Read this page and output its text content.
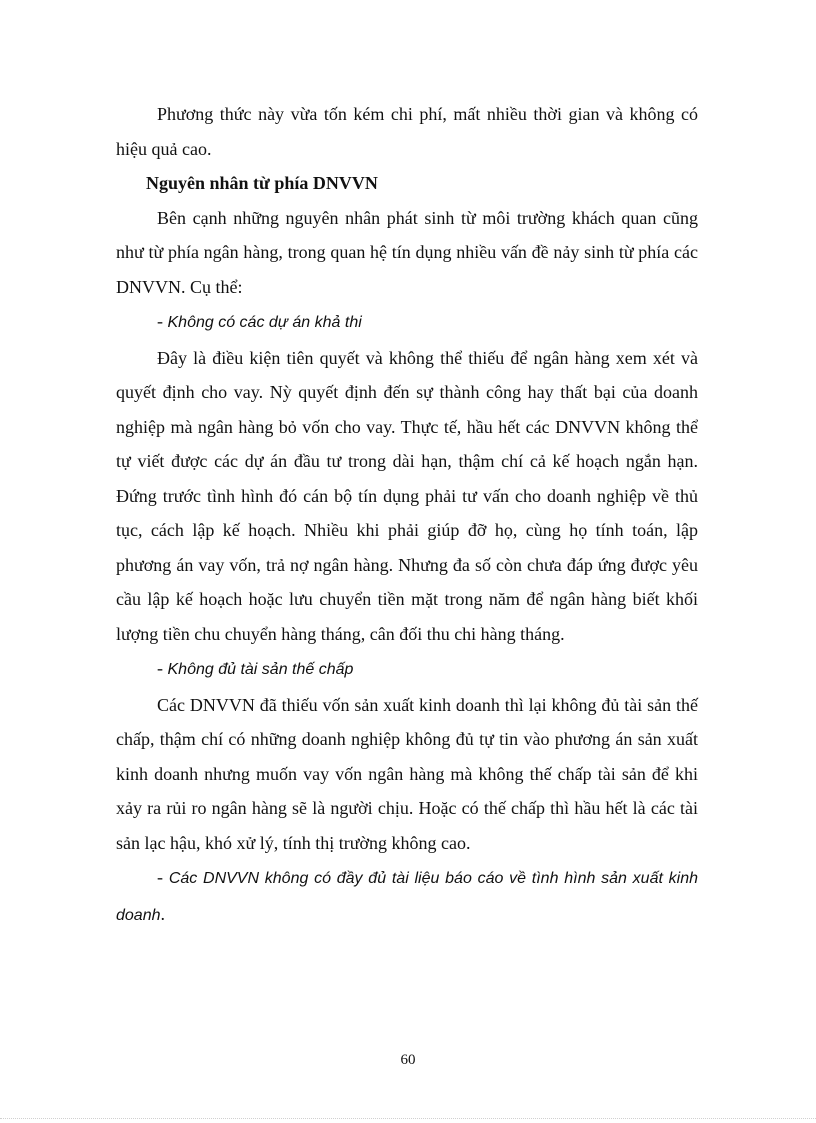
Phương thức này vừa tốn kém chi phí, mất nhiều thời gian và không có hiệu quả cao.

Nguyên nhân từ phía DNVVN

Bên cạnh những nguyên nhân phát sinh từ môi trường khách quan cũng như từ phía ngân hàng, trong quan hệ tín dụng nhiều vấn đề nảy sinh từ phía các DNVVN. Cụ thể:

- Không có các dự án khả thi

Đây là điều kiện tiên quyết và không thể thiếu để ngân hàng xem xét và quyết định cho vay. Nỳ quyết định đến sự thành công hay thất bại của doanh nghiệp mà ngân hàng bỏ vốn cho vay. Thực tế, hầu hết các DNVVN không thể tự viết được các dự án đầu tư trong dài hạn, thậm chí cả kế hoạch ngắn hạn. Đứng trước tình hình đó cán bộ tín dụng phải tư vấn cho doanh nghiệp về thủ tục, cách lập kế hoạch. Nhiều khi phải giúp đỡ họ, cùng họ tính toán, lập phương án vay vốn, trả nợ ngân hàng. Nhưng đa số còn chưa đáp ứng được yêu cầu lập kế hoạch hoặc lưu chuyển tiền mặt trong năm để ngân hàng biết khối lượng tiền chu chuyển hàng tháng, cân đối thu chi hàng tháng.

- Không đủ tài sản thế chấp

Các DNVVN đã thiếu vốn sản xuất kinh doanh thì lại không đủ tài sản thế chấp, thậm chí có những doanh nghiệp không đủ tự tin vào phương án sản xuất kinh doanh nhưng muốn vay vốn ngân hàng mà không thế chấp tài sản để khi xảy ra rủi ro ngân hàng sẽ là người chịu. Hoặc có thế chấp thì hầu hết là các tài sản lạc hậu, khó xử lý, tính thị trường không cao.

- Các DNVVN không có đầy đủ tài liệu báo cáo về tình hình sản xuất kinh doanh.

60
